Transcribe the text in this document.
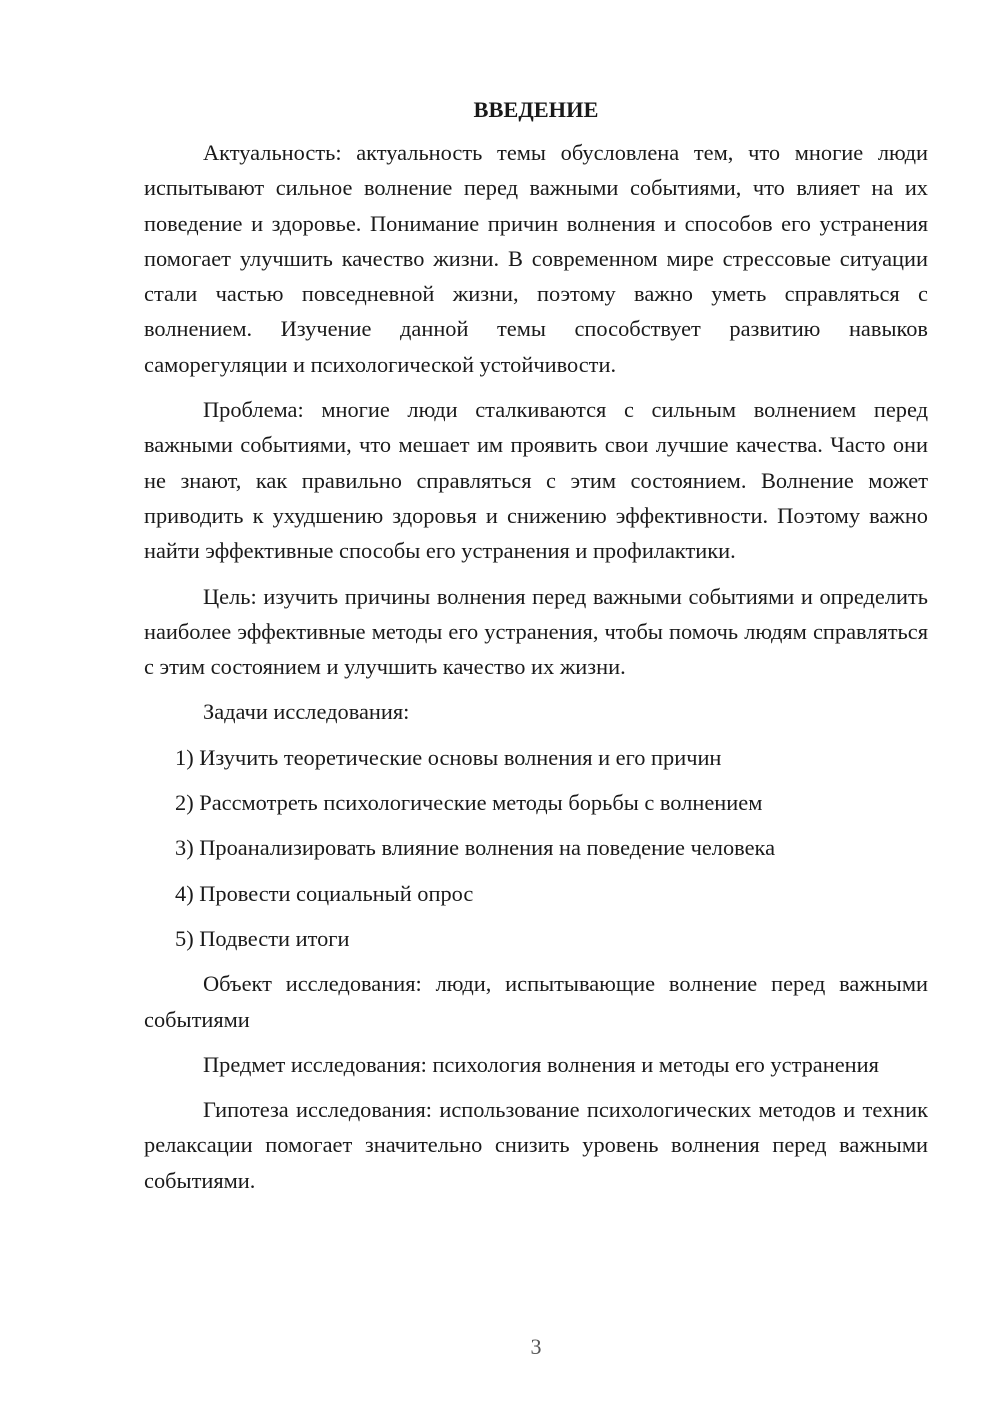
ВВЕДЕНИЕ

Актуальность: актуальность темы обусловлена тем, что многие люди испытывают сильное волнение перед важными событиями, что влияет на их поведение и здоровье. Понимание причин волнения и способов его устранения помогает улучшить качество жизни. В современном мире стрессовые ситуации стали частью повседневной жизни, поэтому важно уметь справляться с волнением. Изучение данной темы способствует развитию навыков саморегуляции и психологической устойчивости.

Проблема: многие люди сталкиваются с сильным волнением перед важными событиями, что мешает им проявить свои лучшие качества. Часто они не знают, как правильно справляться с этим состоянием. Волнение может приводить к ухудшению здоровья и снижению эффективности. Поэтому важно найти эффективные способы его устранения и профилактики.

Цель: изучить причины волнения перед важными событиями и определить наиболее эффективные методы его устранения, чтобы помочь людям справляться с этим состоянием и улучшить качество их жизни.

Задачи исследования:

1) Изучить теоретические основы волнения и его причин
2) Рассмотреть психологические методы борьбы с волнением
3) Проанализировать влияние волнения на поведение человека
4) Провести социальный опрос
5) Подвести итоги

Объект исследования: люди, испытывающие волнение перед важными событиями

Предмет исследования: психология волнения и методы его устранения

Гипотеза исследования: использование психологических методов и техник релаксации помогает значительно снизить уровень волнения перед важными событиями.

3
